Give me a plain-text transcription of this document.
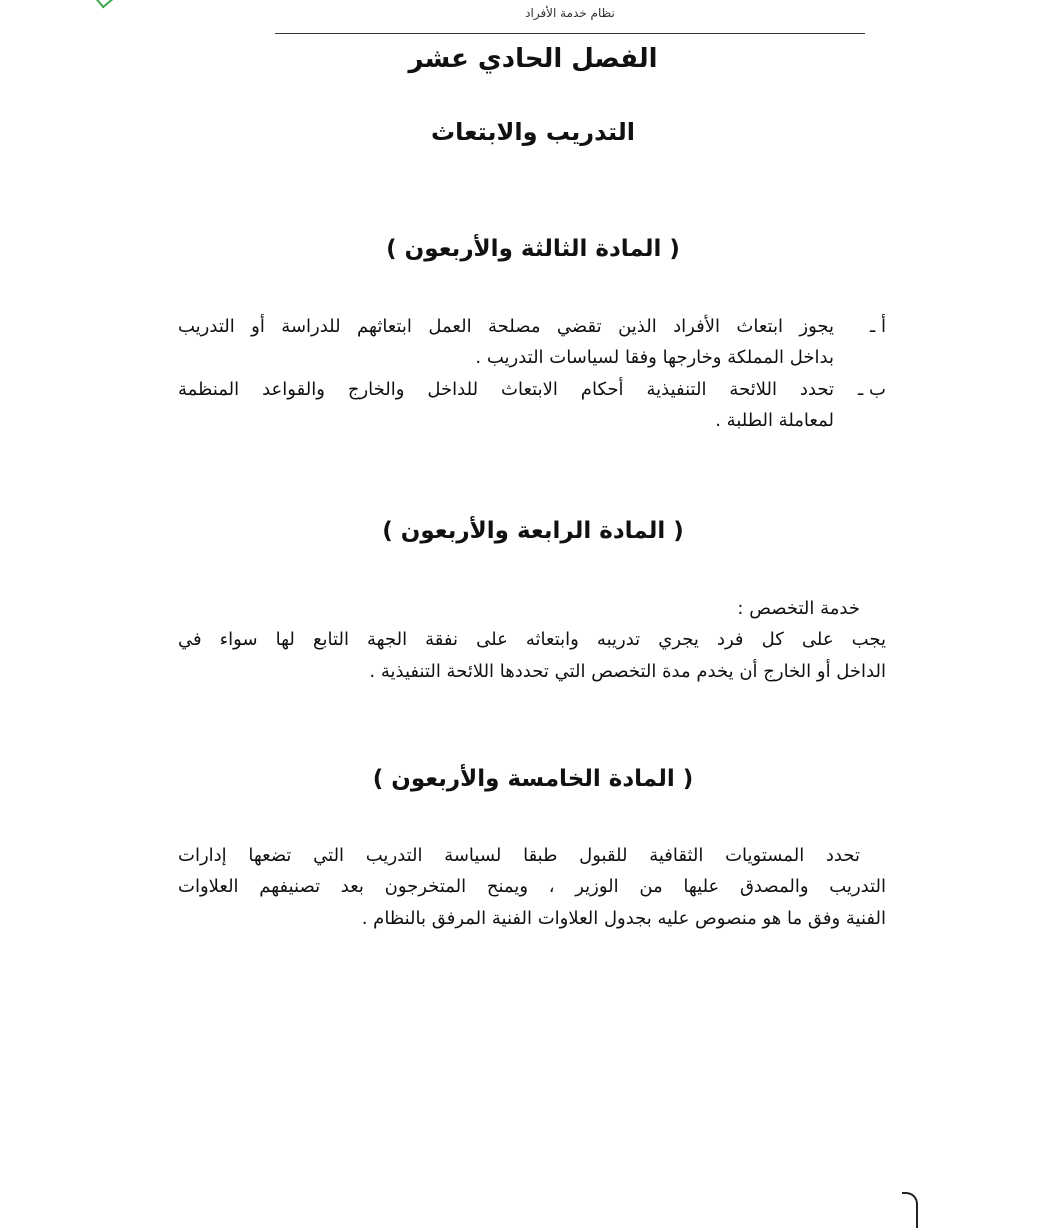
نظام خدمة الأفراد
الفصل الحادي عشر
التدريب والابتعاث
( المادة الثالثة والأربعون )
أ ـ
يجوز ابتعاث الأفراد الذين تقضي مصلحة العمل ابتعاثهم للدراسة أو التدريب
بداخل المملكة وخارجها وفقا لسياسات التدريب .
ب ـ
تحدد اللائحة التنفيذية أحكام الابتعاث للداخل والخارج والقواعد المنظمة
لمعاملة الطلبة .
( المادة الرابعة والأربعون )
خدمة التخصص :
يجب على كل فرد يجري تدريبه وابتعاثه على نفقة الجهة التابع لها سواء في
الداخل أو الخارج أن يخدم مدة التخصص التي تحددها اللائحة التنفيذية .
( المادة الخامسة والأربعون )
تحدد المستويات الثقافية للقبول طبقا لسياسة التدريب التي تضعها إدارات
التدريب والمصدق عليها من الوزير ، ويمنح المتخرجون بعد تصنيفهم العلاوات
الفنية وفق ما هو منصوص عليه بجدول العلاوات الفنية المرفق بالنظام .
